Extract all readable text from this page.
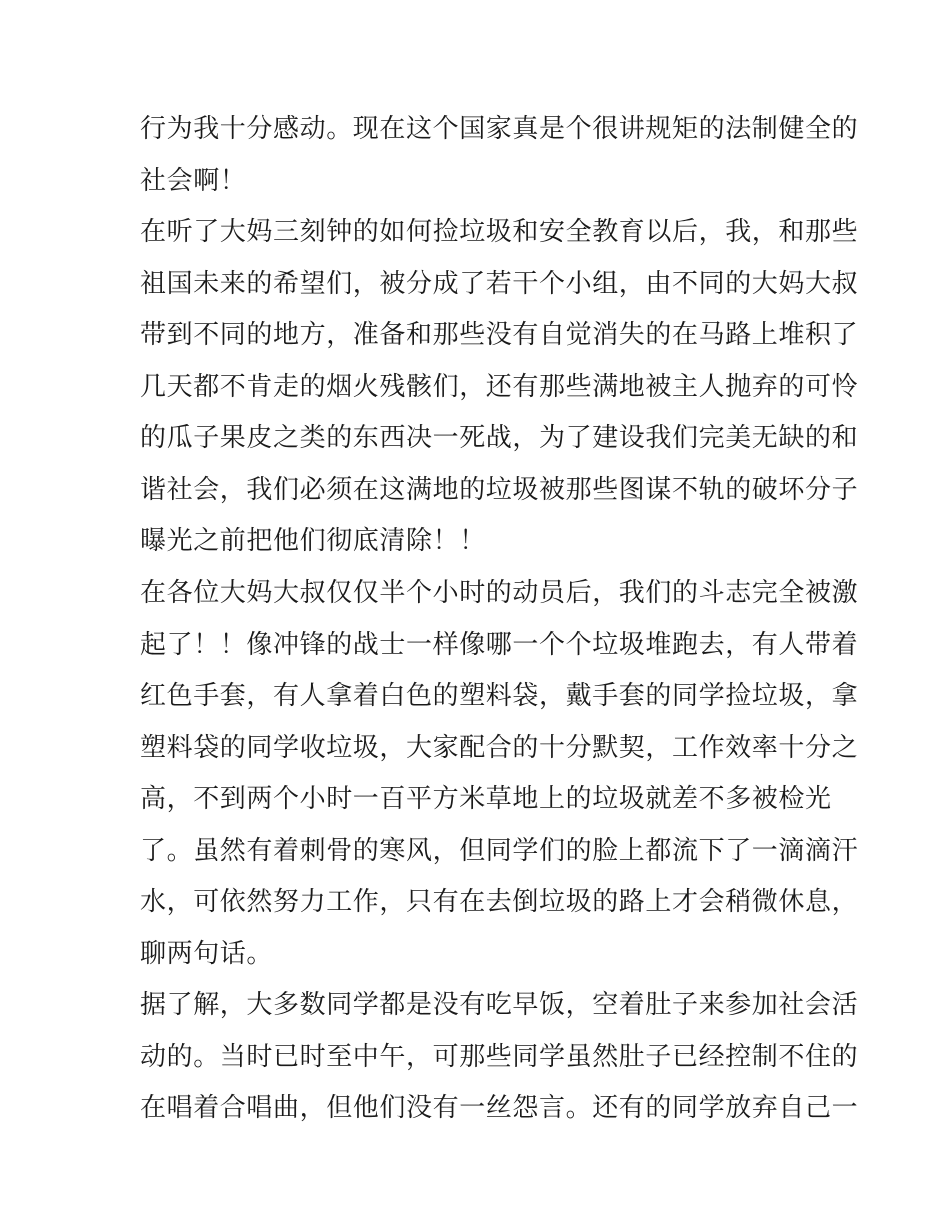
行为我十分感动。现在这个国家真是个很讲规矩的法制健全的
社会啊！
在听了大妈三刻钟的如何捡垃圾和安全教育以后，我，和那些
祖国未来的希望们，被分成了若干个小组，由不同的大妈大叔
带到不同的地方，准备和那些没有自觉消失的在马路上堆积了
几天都不肯走的烟火残骸们，还有那些满地被主人抛弃的可怜
的瓜子果皮之类的东西决一死战，为了建设我们完美无缺的和
谐社会，我们必须在这满地的垃圾被那些图谋不轨的破坏分子
曝光之前把他们彻底清除！！
在各位大妈大叔仅仅半个小时的动员后，我们的斗志完全被激
起了！！像冲锋的战士一样像哪一个个垃圾堆跑去，有人带着
红色手套，有人拿着白色的塑料袋，戴手套的同学捡垃圾，拿
塑料袋的同学收垃圾，大家配合的十分默契，工作效率十分之
高，不到两个小时一百平方米草地上的垃圾就差不多被检光
了。虽然有着刺骨的寒风，但同学们的脸上都流下了一滴滴汗
水，可依然努力工作，只有在去倒垃圾的路上才会稍微休息，
聊两句话。
据了解，大多数同学都是没有吃早饭，空着肚子来参加社会活
动的。当时已时至中午，可那些同学虽然肚子已经控制不住的
在唱着合唱曲，但他们没有一丝怨言。还有的同学放弃自己一
